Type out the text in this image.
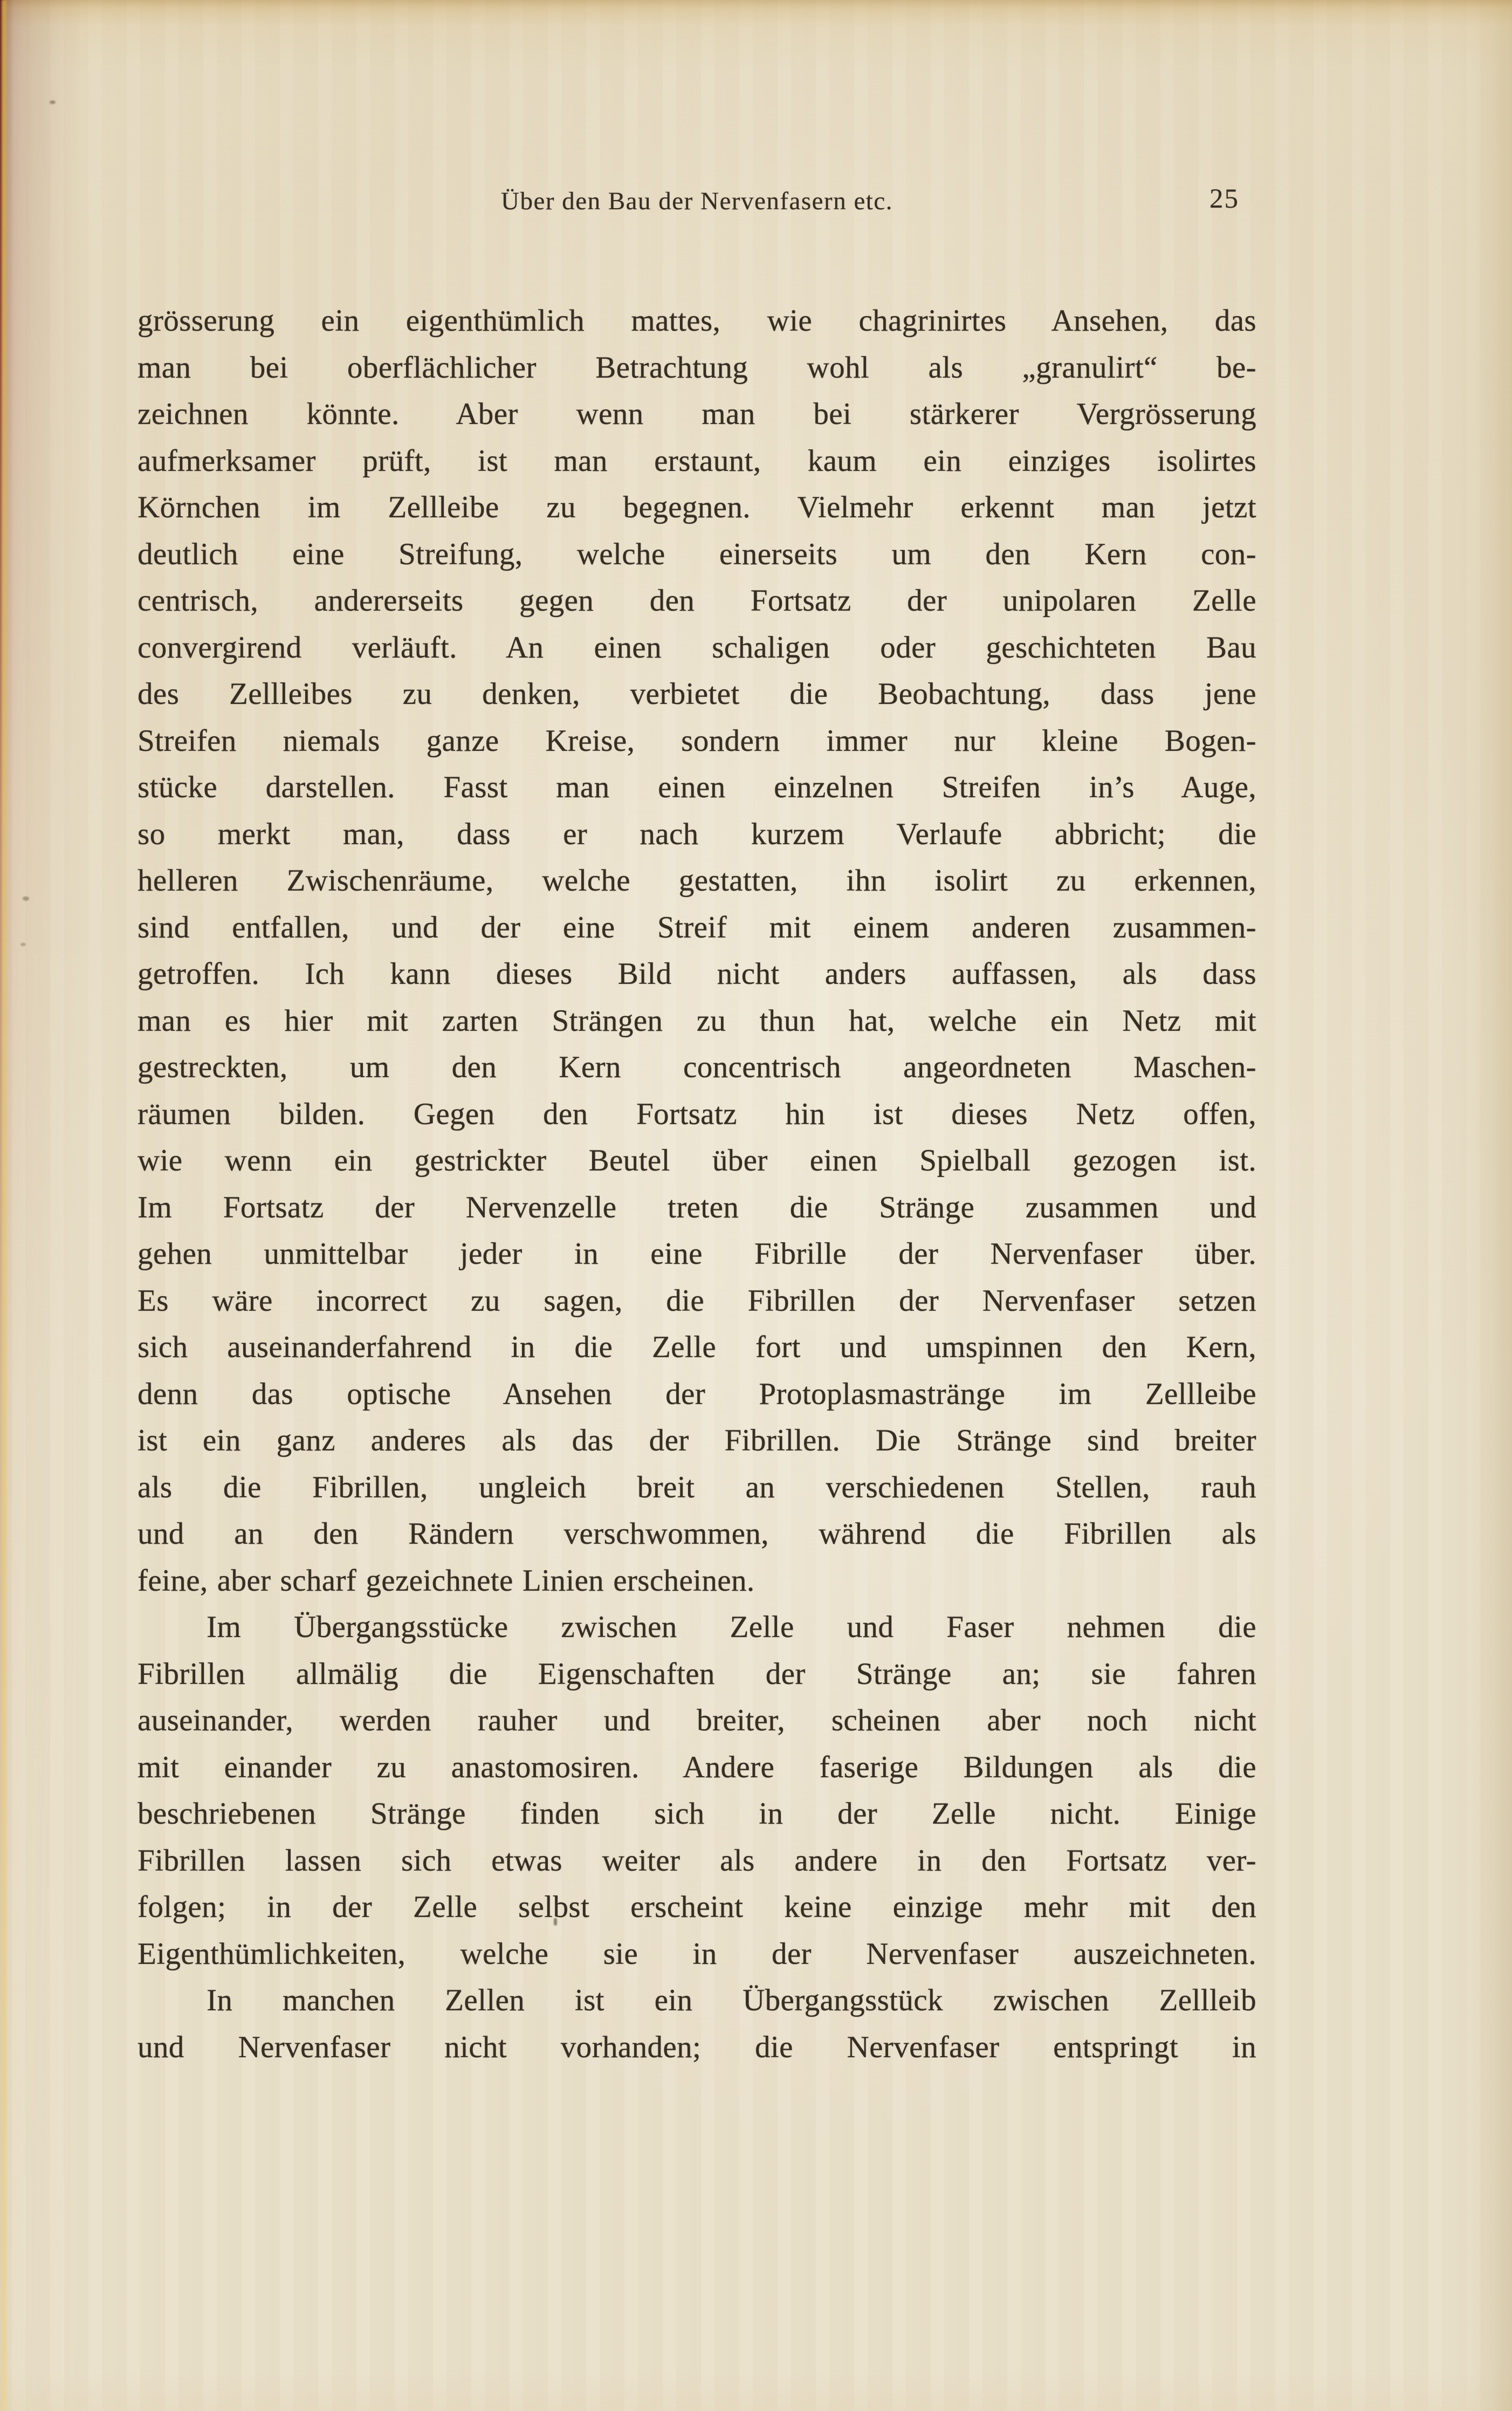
Über den Bau der Nervenfasern etc.	25
grösserung ein eigenthümlich mattes, wie chagrinirtes Ansehen, das
man bei oberflächlicher Betrachtung wohl als „granulirt“ be-
zeichnen könnte. Aber wenn man bei stärkerer Vergrösserung
aufmerksamer prüft, ist man erstaunt, kaum ein einziges isolirtes
Körnchen im Zellleibe zu begegnen. Vielmehr erkennt man jetzt
deutlich eine Streifung, welche einerseits um den Kern con-
centrisch, andererseits gegen den Fortsatz der unipolaren Zelle
convergirend verläuft. An einen schaligen oder geschichteten Bau
des Zellleibes zu denken, verbietet die Beobachtung, dass jene
Streifen niemals ganze Kreise, sondern immer nur kleine Bogen-
stücke darstellen. Fasst man einen einzelnen Streifen in’s Auge,
so merkt man, dass er nach kurzem Verlaufe abbricht; die
helleren Zwischenräume, welche gestatten, ihn isolirt zu erkennen,
sind entfallen, und der eine Streif mit einem anderen zusammen-
getroffen. Ich kann dieses Bild nicht anders auffassen, als dass
man es hier mit zarten Strängen zu thun hat, welche ein Netz mit
gestreckten, um den Kern concentrisch angeordneten Maschen-
räumen bilden. Gegen den Fortsatz hin ist dieses Netz offen,
wie wenn ein gestrickter Beutel über einen Spielball gezogen ist.
Im Fortsatz der Nervenzelle treten die Stränge zusammen und
gehen unmittelbar jeder in eine Fibrille der Nervenfaser über.
Es wäre incorrect zu sagen, die Fibrillen der Nervenfaser setzen
sich auseinanderfahrend in die Zelle fort und umspinnen den Kern,
denn das optische Ansehen der Protoplasmastränge im Zellleibe
ist ein ganz anderes als das der Fibrillen. Die Stränge sind breiter
als die Fibrillen, ungleich breit an verschiedenen Stellen, rauh
und an den Rändern verschwommen, während die Fibrillen als
feine, aber scharf gezeichnete Linien erscheinen.
Im Übergangsstücke zwischen Zelle und Faser nehmen die
Fibrillen allmälig die Eigenschaften der Stränge an; sie fahren
auseinander, werden rauher und breiter, scheinen aber noch nicht
mit einander zu anastomosiren. Andere faserige Bildungen als die
beschriebenen Stränge finden sich in der Zelle nicht. Einige
Fibrillen lassen sich etwas weiter als andere in den Fortsatz ver-
folgen; in der Zelle selbst erscheint keine einzige mehr mit den
Eigenthümlichkeiten, welche sie in der Nervenfaser auszeichneten.
In manchen Zellen ist ein Übergangsstück zwischen Zellleib
und Nervenfaser nicht vorhanden; die Nervenfaser entspringt in
